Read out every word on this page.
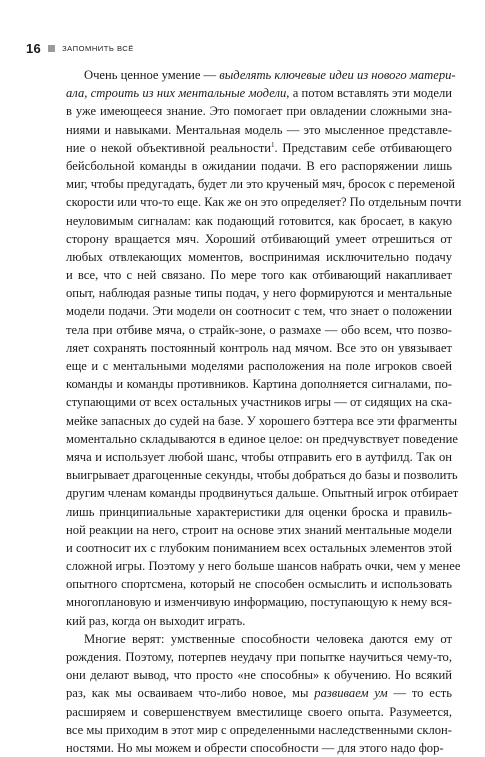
16	ЗАПОМНИТЬ ВСЁ
Очень ценное умение — выделять ключевые идеи из нового матери-
ала, строить из них ментальные модели, а потом вставлять эти модели
в уже имеющееся знание. Это помогает при овладении сложными зна-
ниями и навыками. Ментальная модель — это мысленное представле-
ние о некой объективной реальности$^1$. Представим себе отбивающего
бейсбольной команды в ожидании подачи. В его распоряжении лишь
миг, чтобы предугадать, будет ли это крученый мяч, бросок с переменой
скорости или что-то еще. Как же он это определяет? По отдельным почти
неуловимым сигналам: как подающий готовится, как бросает, в какую
сторону вращается мяч. Хороший отбивающий умеет отрешиться от
любых отвлекающих моментов, воспринимая исключительно подачу
и все, что с ней связано. По мере того как отбивающий накапливает
опыт, наблюдая разные типы подач, у него формируются и ментальные
модели подачи. Эти модели он соотносит с тем, что знает о положении
тела при отбиве мяча, о страйк-зоне, о размахе — обо всем, что позво-
ляет сохранять постоянный контроль над мячом. Все это он увязывает
еще и с ментальными моделями расположения на поле игроков своей
команды и команды противников. Картина дополняется сигналами, по-
ступающими от всех остальных участников игры — от сидящих на ска-
мейке запасных до судей на базе. У хорошего бэттера все эти фрагменты
моментально складываются в единое целое: он предчувствует поведение
мяча и использует любой шанс, чтобы отправить его в аутфилд. Так он
выигрывает драгоценные секунды, чтобы добраться до базы и позволить
другим членам команды продвинуться дальше. Опытный игрок отбирает
лишь принципиальные характеристики для оценки броска и правиль-
ной реакции на него, строит на основе этих знаний ментальные модели
и соотносит их с глубоким пониманием всех остальных элементов этой
сложной игры. Поэтому у него больше шансов набрать очки, чем у менее
опытного спортсмена, который не способен осмыслить и использовать
многоплановую и изменчивую информацию, поступающую к нему вся-
кий раз, когда он выходит играть.
Многие верят: умственные способности человека даются ему от
рождения. Поэтому, потерпев неудачу при попытке научиться чему-то,
они делают вывод, что просто «не способны» к обучению. Но всякий
раз, как мы осваиваем что-либо новое, мы развиваем ум — то есть
расширяем и совершенствуем вместилище своего опыта. Разумеется,
все мы приходим в этот мир с определенными наследственными склон-
ностями. Но мы можем и обрести способности — для этого надо фор-
